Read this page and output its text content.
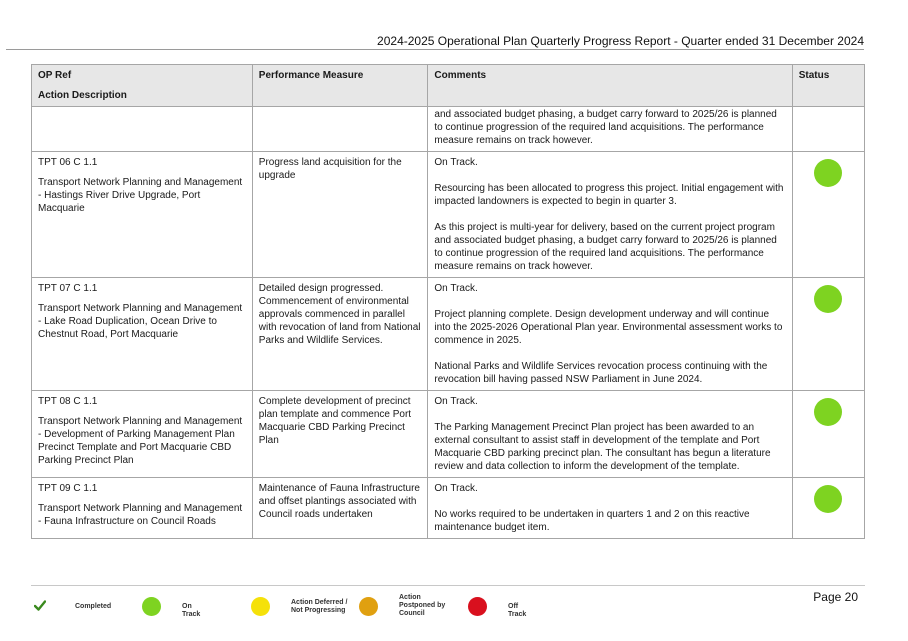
2024-2025 Operational Plan Quarterly Progress Report - Quarter ended 31 December 2024
OP Ref
Action Description	Performance Measure	Comments	Status

		and associated budget phasing, a budget carry forward to 2025/26 is planned to continue progression of the required land acquisitions. The performance measure remains on track however.	

TPT 06 C 1.1
Transport Network Planning and Management - Hastings River Drive Upgrade, Port Macquarie	Progress land acquisition for the upgrade	On Track.
Resourcing has been allocated to progress this project. Initial engagement with impacted landowners is expected to begin in quarter 3.
As this project is multi-year for delivery, based on the current project program and associated budget phasing, a budget carry forward to 2025/26 is planned to continue progression of the required land acquisitions. The performance measure remains on track however.	

TPT 07 C 1.1
Transport Network Planning and Management - Lake Road Duplication, Ocean Drive to Chestnut Road, Port Macquarie	Detailed design progressed. Commencement of environmental approvals commenced in parallel with revocation of land from National Parks and Wildlife Services.	On Track.
Project planning complete. Design development underway and will continue into the 2025-2026 Operational Plan year. Environmental assessment works to commence in 2025.
National Parks and Wildlife Services revocation process continuing with the revocation bill having passed NSW Parliament in June 2024.	

TPT 08 C 1.1
Transport Network Planning and Management - Development of Parking Management Plan Precinct Template and Port Macquarie CBD Parking Precinct Plan	Complete development of precinct plan template and commence Port Macquarie CBD Parking Precinct Plan	On Track.
The Parking Management Precinct Plan project has been awarded to an external consultant to assist staff in development of the template and Port Macquarie CBD parking precinct plan. The consultant has begun a literature review and data collection to inform the development of the template.	

TPT 09 C 1.1
Transport Network Planning and Management - Fauna Infrastructure on Council Roads	Maintenance of Fauna Infrastructure and offset plantings associated with Council roads undertaken	On Track.
No works required to be undertaken in quarters 1 and 2 on this reactive maintenance budget item.	

Completed	On Track
Action Deferred / Not Progressing
Action Postponed by Council
Off Track
Page 20
